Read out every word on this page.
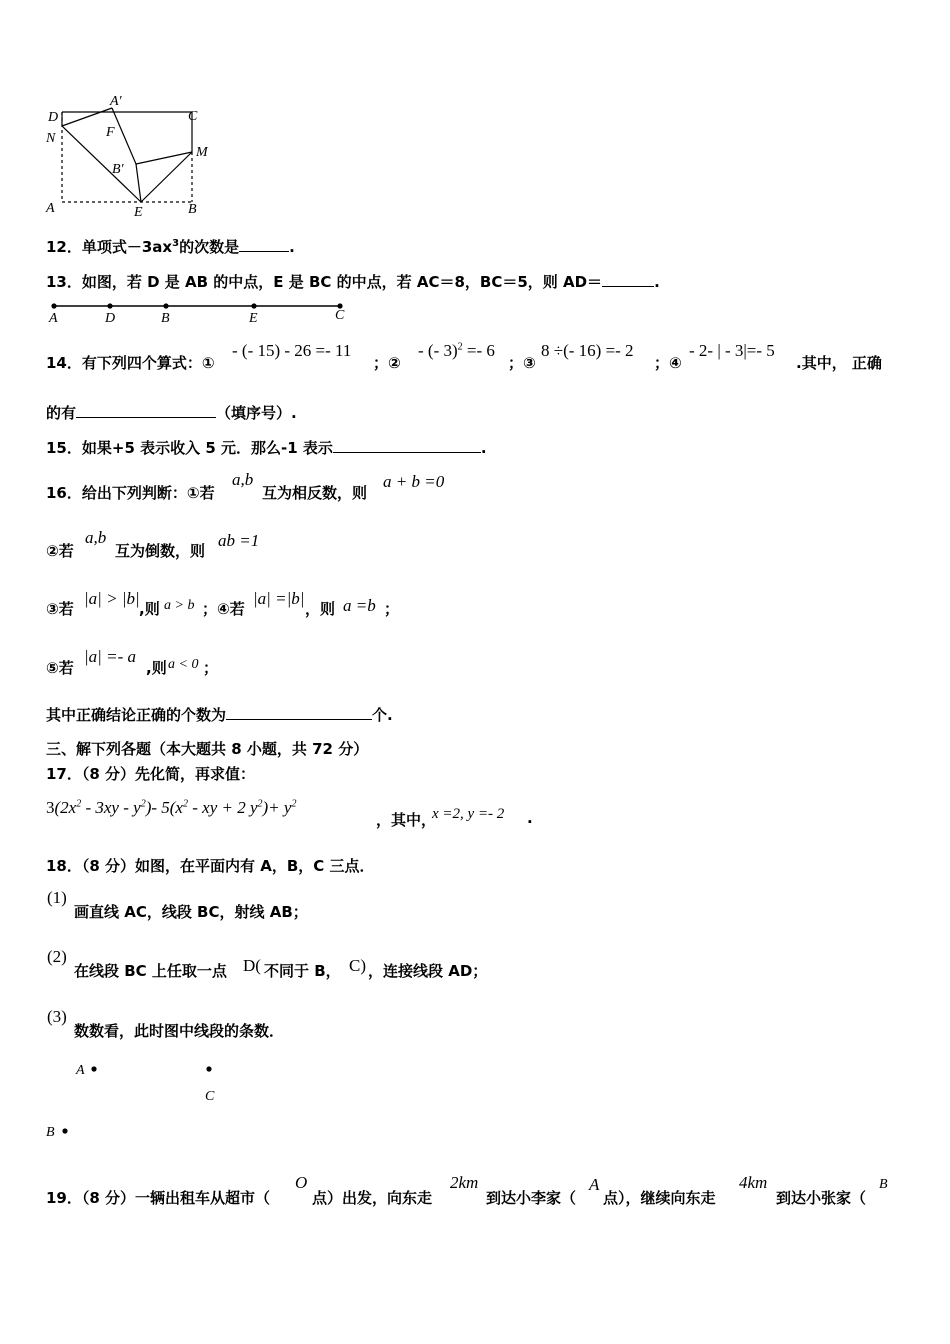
D
A′
C
N	F
B′
M
A	E	B
12．单项式$-3ax^3$的次数是	.
13．如图，若 D 是 AB 的中点，E 是 BC 的中点，若 AC＝8，BC＝5，则 AD＝	.
A	D	B	E	C
14．有下列四个算式：①
- (- 15) - 26 =- 11
；②
- (- 3)$^2$ =- 6
；③
8 ÷(- 16) =- 2
；④
- 2- | - 3|=- 5
.其中， 正确
的有	（填序号）.
15．如果+5 表示收入 5 元．那么-1 表示	.
16．给出下列判断：①若
a,b
互为相反数，则
a + b =0
②若
a,b
互为倒数，则
ab =1
③若
|a| > |b|
,则 a > b ；④若
|a| =|b|
，则 a =b ；
⑤若
|a| =- a
,则 a < 0 ；
其中正确结论正确的个数为	个.
三、解下列各题（本大题共 8 小题，共 72 分）
17．（8 分）先化简，再求值：
$3(2x^2 - 3xy - y^2)-$ $5(x^2$ - xy + 2 $y^2)+ y^2$
，其中，
x =2, y =- 2 .
18．（8 分）如图，在平面内有 A，B，C 三点．
(1)
画直线 AC，线段 BC，射线 AB；
(2)
在线段 BC 上任取一点 D( 不同于 B， C) ，连接线段 AD；
(3)
数数看，此时图中线段的条数．
A
C
B
19．（8 分）一辆出租车从超市（
O
点）出发，向东走
2km
到达小李家（
A
点），继续向东走
4km
到达小张家（
B
